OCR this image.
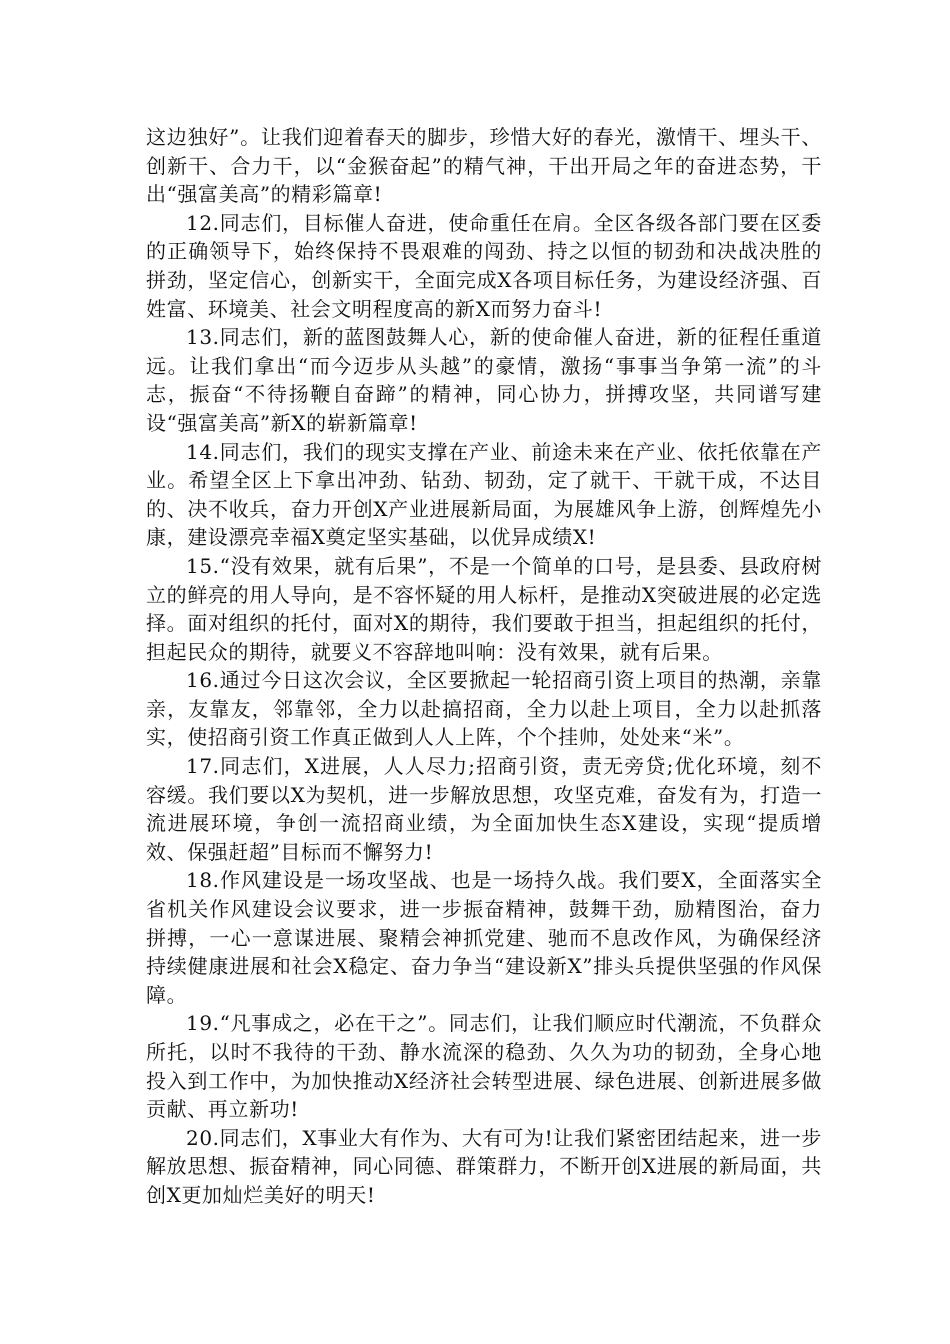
这边独好”。让我们迎着春天的脚步，珍惜大好的春光，激情干、埋头干、创新干、合力干，以“金猴奋起”的精气神，干出开局之年的奋进态势，干出“强富美高”的精彩篇章!

12.同志们，目标催人奋进，使命重任在肩。全区各级各部门要在区委的正确领导下，始终保持不畏艰难的闯劲、持之以恒的韧劲和决战决胜的拼劲，坚定信心，创新实干，全面完成X各项目标任务，为建设经济强、百姓富、环境美、社会文明程度高的新X而努力奋斗!

13.同志们，新的蓝图鼓舞人心，新的使命催人奋进，新的征程任重道远。让我们拿出“而今迈步从头越”的豪情，激扬“事事当争第一流”的斗志，振奋“不待扬鞭自奋蹄”的精神，同心协力，拼搏攻坚，共同谱写建设“强富美高”新X的崭新篇章!

14.同志们，我们的现实支撑在产业、前途未来在产业、依托依靠在产业。希望全区上下拿出冲劲、钻劲、韧劲，定了就干、干就干成，不达目的、决不收兵，奋力开创X产业进展新局面，为展雄风争上游，创辉煌先小康，建设漂亮幸福X奠定坚实基础，以优异成绩X!

15.“没有效果，就有后果”，不是一个简单的口号，是县委、县政府树立的鲜亮的用人导向，是不容怀疑的用人标杆，是推动X突破进展的必定选择。面对组织的托付，面对X的期待，我们要敢于担当，担起组织的托付，担起民众的期待，就要义不容辞地叫响：没有效果，就有后果。

16.通过今日这次会议，全区要掀起一轮招商引资上项目的热潮，亲靠亲，友靠友，邻靠邻，全力以赴搞招商，全力以赴上项目，全力以赴抓落实，使招商引资工作真正做到人人上阵，个个挂帅，处处来“米”。

17.同志们，X进展，人人尽力;招商引资，责无旁贷;优化环境，刻不容缓。我们要以X为契机，进一步解放思想，攻坚克难，奋发有为，打造一流进展环境，争创一流招商业绩，为全面加快生态X建设，实现“提质增效、保强赶超”目标而不懈努力!

18.作风建设是一场攻坚战、也是一场持久战。我们要X，全面落实全省机关作风建设会议要求，进一步振奋精神，鼓舞干劲，励精图治，奋力拼搏，一心一意谋进展、聚精会神抓党建、驰而不息改作风，为确保经济持续健康进展和社会X稳定、奋力争当“建设新X”排头兵提供坚强的作风保障。

19.“凡事成之，必在干之”。同志们，让我们顺应时代潮流，不负群众所托，以时不我待的干劲、静水流深的稳劲、久久为功的韧劲，全身心地投入到工作中，为加快推动X经济社会转型进展、绿色进展、创新进展多做贡献、再立新功!

20.同志们，X事业大有作为、大有可为!让我们紧密团结起来，进一步解放思想、振奋精神，同心同德、群策群力，不断开创X进展的新局面，共创X更加灿烂美好的明天!
